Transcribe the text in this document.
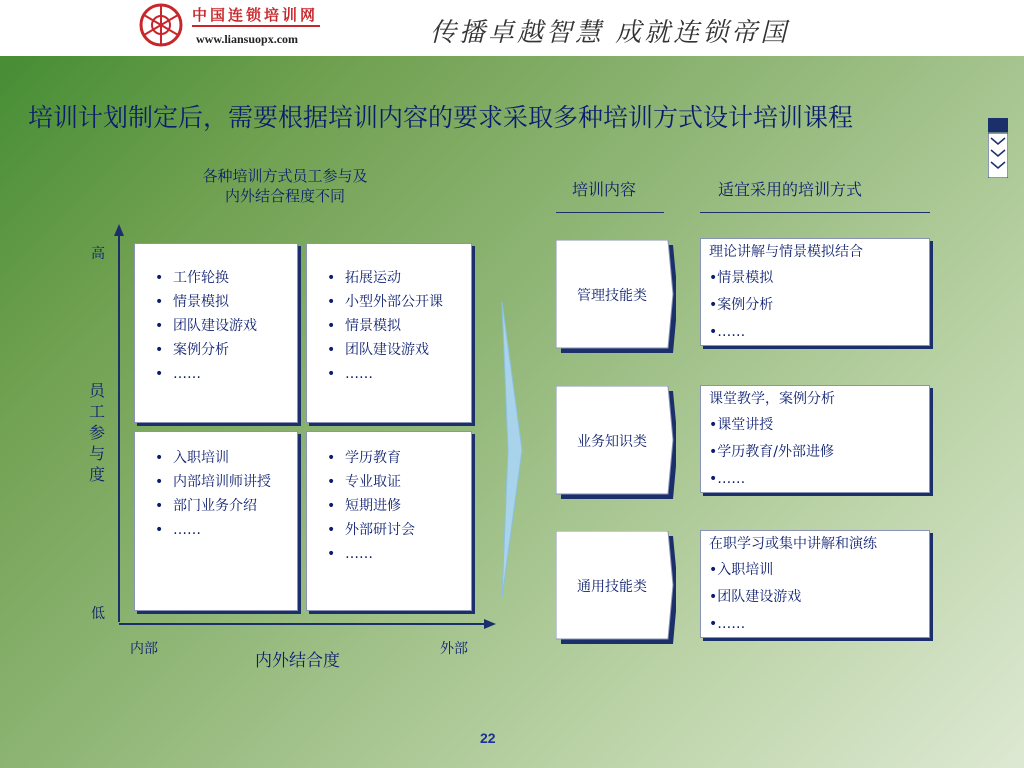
中国连锁培训网
www.liansuopx.com	传播卓越智慧 成就连锁帝国
培训计划制定后，需要根据培训内容的要求采取多种培训方式设计培训课程
各种培训方式员工参与及
内外结合程度不同
高
低
员工参与度
内部	外部
内外结合度
• 工作轮换
• 情景模拟
• 团队建设游戏
• 案例分析
• ……
• 拓展运动
• 小型外部公开课
• 情景模拟
• 团队建设游戏
• ……
• 入职培训
• 内部培训师讲授
• 部门业务介绍
• ……
• 学历教育
• 专业取证
• 短期进修
• 外部研讨会
• ……
培训内容	适宜采用的培训方式
管理技能类
理论讲解与情景模拟结合
•情景模拟
•案例分析
•……
业务知识类
课堂教学，案例分析
•课堂讲授
•学历教育/外部进修
•……
通用技能类
在职学习或集中讲解和演练
•入职培训
•团队建设游戏
•……
22
